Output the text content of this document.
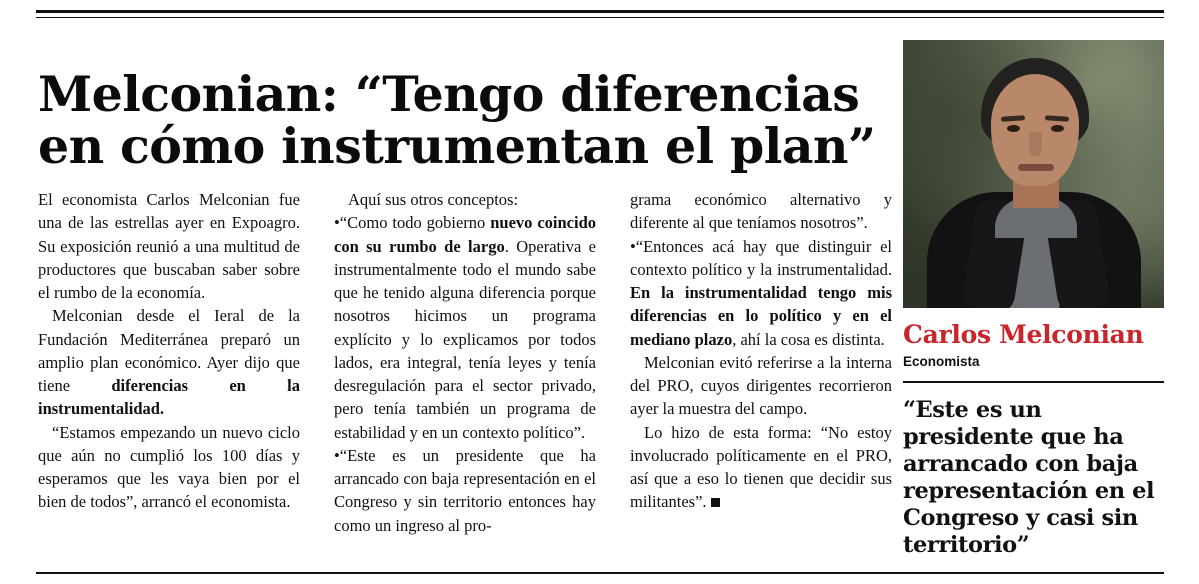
Melconian: “Tengo diferencias
en cómo instrumentan el plan”

El economista Carlos Melconian fue una de las estrellas ayer en Expoagro. Su exposición reunió a una multitud de productores que buscaban saber sobre el rumbo de la economía.

Melconian desde el Ieral de la Fundación Mediterránea preparó un amplio plan económico. Ayer dijo que tiene diferencias en la instrumentalidad.

“Estamos empezando un nuevo ciclo que aún no cumplió los 100 días y esperamos que les vaya bien por el bien de todos”, arrancó el economista.

Aquí sus otros conceptos:

•“Como todo gobierno nuevo coincido con su rumbo de largo. Operativa e instrumentalmente todo el mundo sabe que he tenido alguna diferencia porque nosotros hicimos un programa explícito y lo explicamos por todos lados, era integral, tenía leyes y tenía desregulación para el sector privado, pero tenía también un programa de estabilidad y en un contexto político”.

•“Este es un presidente que ha arrancado con baja representación en el Congreso y sin territorio entonces hay como un ingreso al pro-

grama económico alternativo y diferente al que teníamos nosotros”.

•“Entonces acá hay que distinguir el contexto político y la instrumentalidad. En la instrumentalidad tengo mis diferencias en lo político y en el mediano plazo, ahí la cosa es distinta.

Melconian evitó referirse a la interna del PRO, cuyos dirigentes recorrieron ayer la muestra del campo.

Lo hizo de esta forma: “No estoy involucrado políticamente en el PRO, así que a eso lo tienen que decidir sus militantes”.

Carlos Melconian
Economista
“Este es un presidente que ha arrancado con baja representación en el Congreso y casi sin territorio”
